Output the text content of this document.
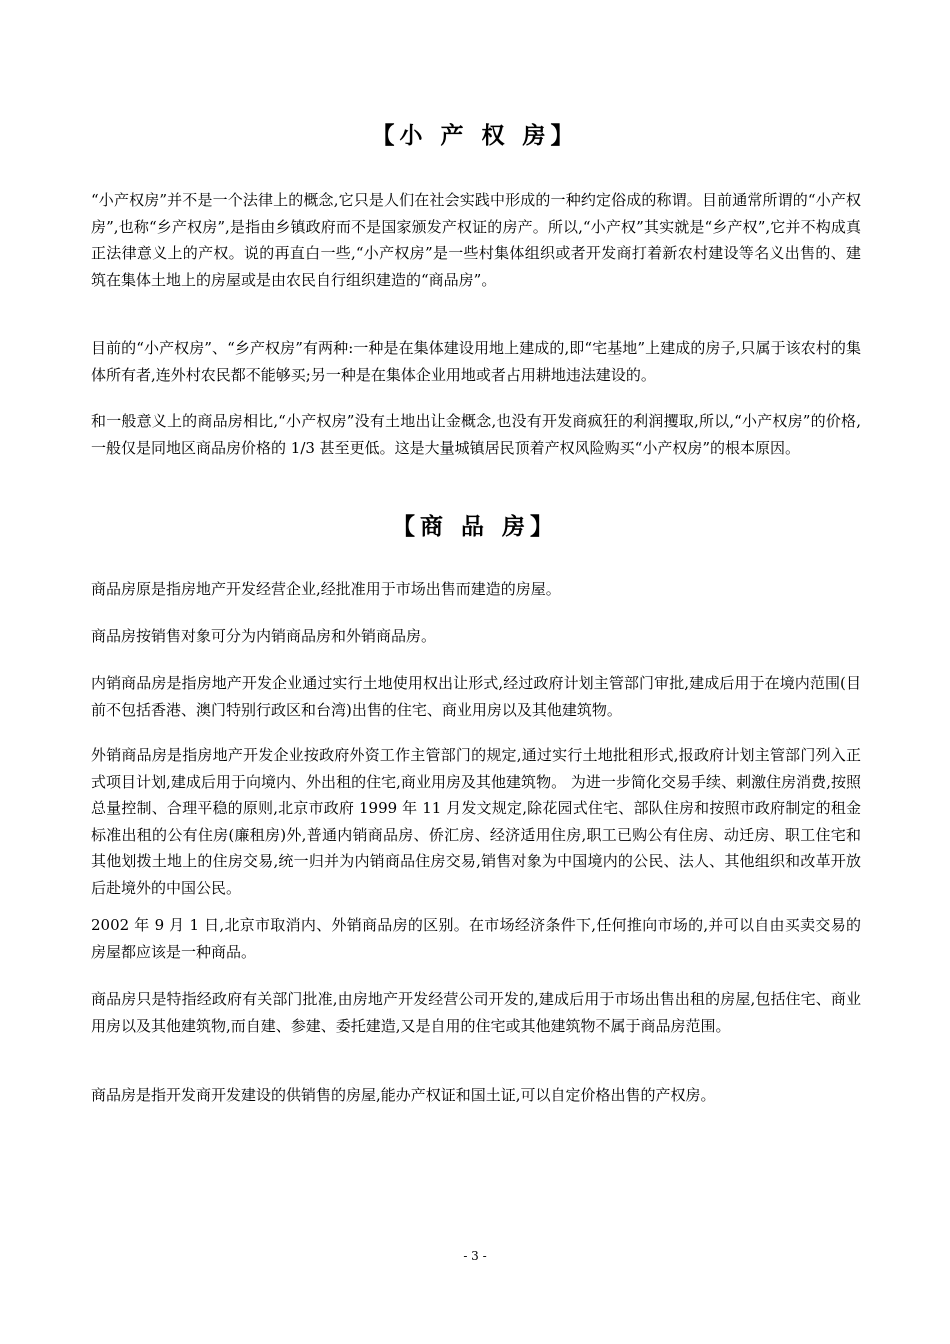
【小 产 权 房】

“小产权房”并不是一个法律上的概念,它只是人们在社会实践中形成的一种约定俗成的称谓。目前通常所谓的“小产权房”,也称“乡产权房”,是指由乡镇政府而不是国家颁发产权证的房产。所以,“小产权”其实就是“乡产权”,它并不构成真正法律意义上的产权。说的再直白一些,“小产权房”是一些村集体组织或者开发商打着新农村建设等名义出售的、建筑在集体土地上的房屋或是由农民自行组织建造的“商品房”。

目前的“小产权房”、“乡产权房”有两种:一种是在集体建设用地上建成的,即“宅基地”上建成的房子,只属于该农村的集体所有者,连外村农民都不能够买;另一种是在集体企业用地或者占用耕地违法建设的。

和一般意义上的商品房相比,“小产权房”没有土地出让金概念,也没有开发商疯狂的利润攫取,所以,“小产权房”的价格,一般仅是同地区商品房价格的 1/3 甚至更低。这是大量城镇居民顶着产权风险购买“小产权房”的根本原因。

【商 品 房】

商品房原是指房地产开发经营企业,经批准用于市场出售而建造的房屋。

商品房按销售对象可分为内销商品房和外销商品房。

内销商品房是指房地产开发企业通过实行土地使用权出让形式,经过政府计划主管部门审批,建成后用于在境内范围(目前不包括香港、澳门特别行政区和台湾)出售的住宅、商业用房以及其他建筑物。

外销商品房是指房地产开发企业按政府外资工作主管部门的规定,通过实行土地批租形式,报政府计划主管部门列入正式项目计划,建成后用于向境内、外出租的住宅,商业用房及其他建筑物。 为进一步简化交易手续、刺激住房消费,按照总量控制、合理平稳的原则,北京市政府 1999 年 11 月发文规定,除花园式住宅、部队住房和按照市政府制定的租金标准出租的公有住房(廉租房)外,普通内销商品房、侨汇房、经济适用住房,职工已购公有住房、动迁房、职工住宅和其他划拨土地上的住房交易,统一归并为内销商品住房交易,销售对象为中国境内的公民、法人、其他组织和改革开放后赴境外的中国公民。

2002 年 9 月 1 日,北京市取消内、外销商品房的区别。在市场经济条件下,任何推向市场的,并可以自由买卖交易的房屋都应该是一种商品。

商品房只是特指经政府有关部门批准,由房地产开发经营公司开发的,建成后用于市场出售出租的房屋,包括住宅、商业用房以及其他建筑物,而自建、参建、委托建造,又是自用的住宅或其他建筑物不属于商品房范围。

商品房是指开发商开发建设的供销售的房屋,能办产权证和国土证,可以自定价格出售的产权房。

- 3 -
